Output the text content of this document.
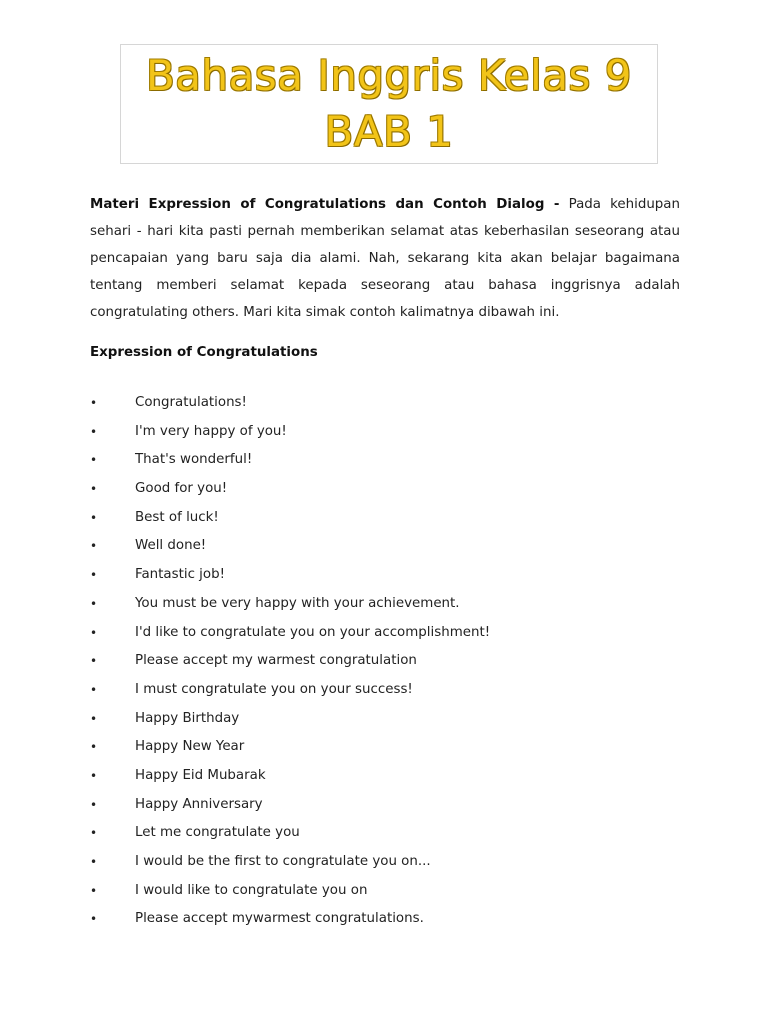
Bahasa Inggris Kelas 9
BAB 1

Materi Expression of Congratulations dan Contoh Dialog - Pada kehidupan sehari - hari kita pasti pernah memberikan selamat atas keberhasilan seseorang atau pencapaian yang baru saja dia alami. Nah, sekarang kita akan belajar bagaimana tentang memberi selamat kepada seseorang atau bahasa inggrisnya adalah congratulating others. Mari kita simak contoh kalimatnya dibawah ini.

Expression of Congratulations
•	Congratulations!
•	I'm very happy of you!
•	That's wonderful!
•	Good for you!
•	Best of luck!
•	Well done!
•	Fantastic job!
•	You must be very happy with your achievement.
•	I'd like to congratulate you on your accomplishment!
•	Please accept my warmest congratulation
•	I must congratulate you on your success!
•	Happy Birthday
•	Happy New Year
•	Happy Eid Mubarak
•	Happy Anniversary
•	Let me congratulate you
•	I would be the first to congratulate you on...
•	I would like to congratulate you on
•	Please accept mywarmest congratulations.
